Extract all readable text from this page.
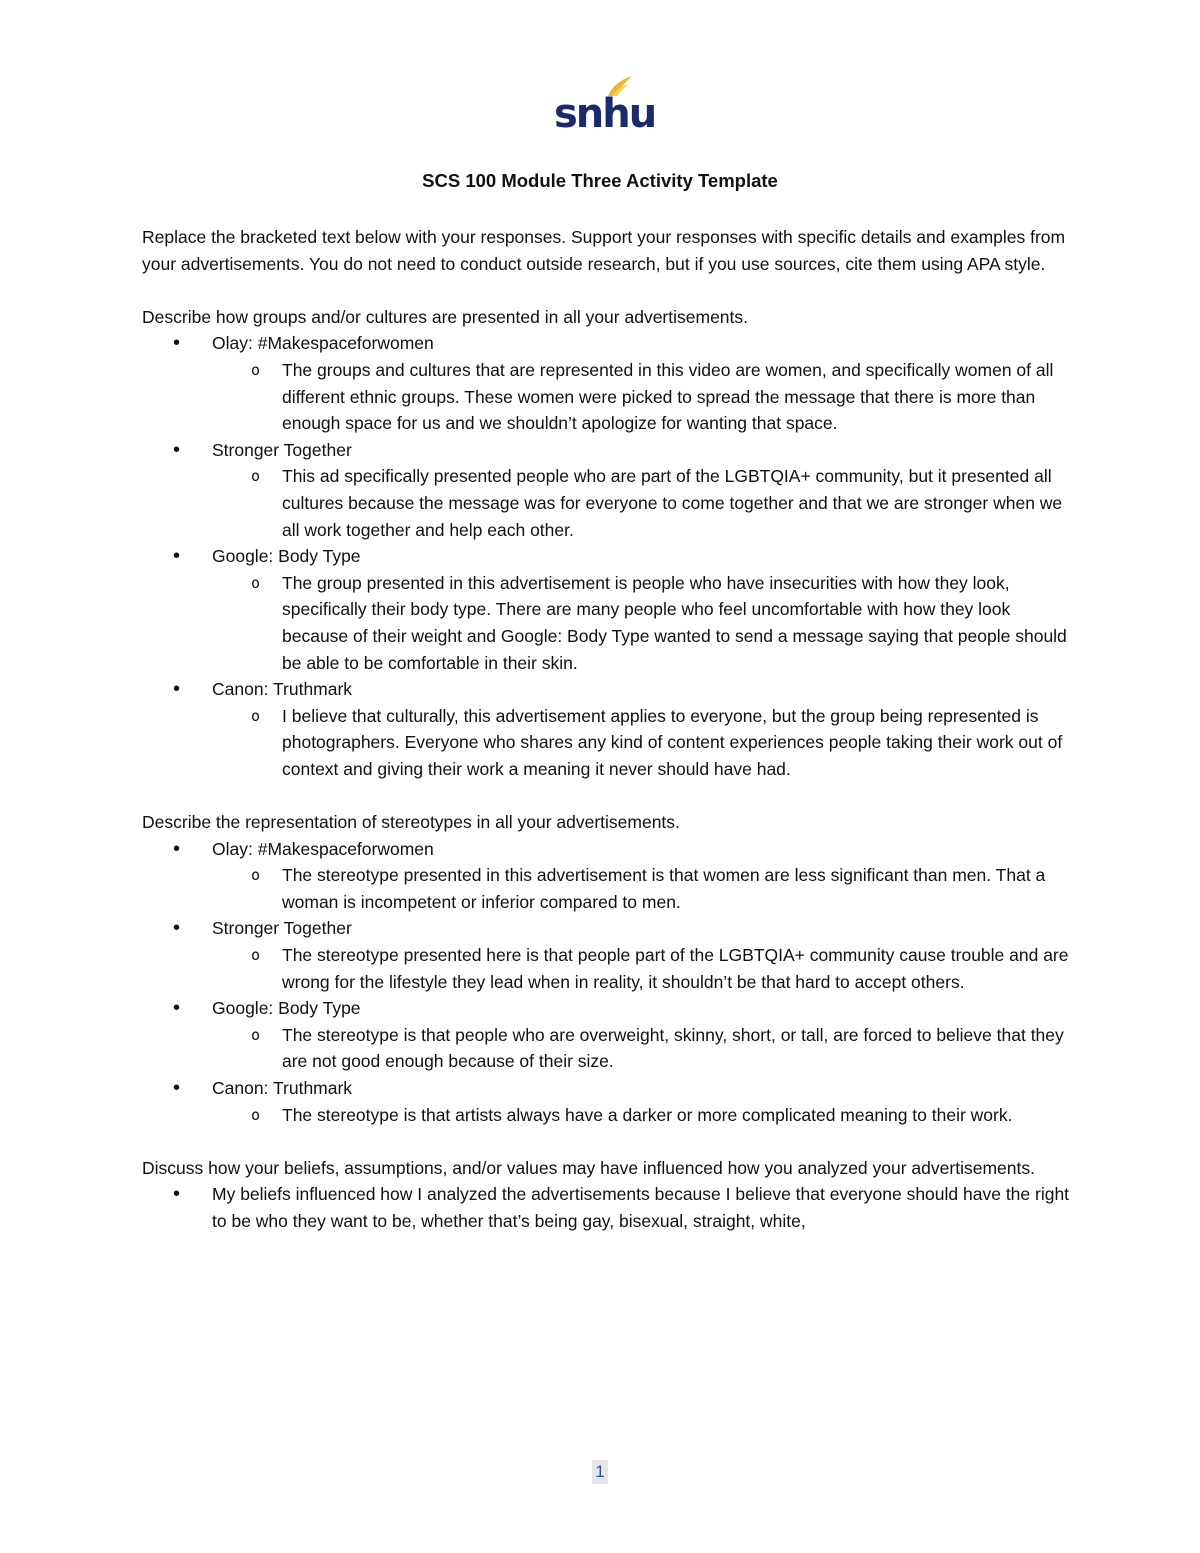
snhu
SCS 100 Module Three Activity Template

Replace the bracketed text below with your responses. Support your responses with specific details and examples from your advertisements. You do not need to conduct outside research, but if you use sources, cite them using APA style.

Describe how groups and/or cultures are presented in all your advertisements.

• Olay: #Makespaceforwomen
o The groups and cultures that are represented in this video are women, and specifically women of all different ethnic groups. These women were picked to spread the message that there is more than enough space for us and we shouldn’t apologize for wanting that space.
• Stronger Together
o This ad specifically presented people who are part of the LGBTQIA+ community, but it presented all cultures because the message was for everyone to come together and that we are stronger when we all work together and help each other.
• Google: Body Type
o The group presented in this advertisement is people who have insecurities with how they look, specifically their body type. There are many people who feel uncomfortable with how they look because of their weight and Google: Body Type wanted to send a message saying that people should be able to be comfortable in their skin.
• Canon: Truthmark
o I believe that culturally, this advertisement applies to everyone, but the group being represented is photographers. Everyone who shares any kind of content experiences people taking their work out of context and giving their work a meaning it never should have had.

Describe the representation of stereotypes in all your advertisements.

• Olay: #Makespaceforwomen
o The stereotype presented in this advertisement is that women are less significant than men. That a woman is incompetent or inferior compared to men.
• Stronger Together
o The stereotype presented here is that people part of the LGBTQIA+ community cause trouble and are wrong for the lifestyle they lead when in reality, it shouldn’t be that hard to accept others.
• Google: Body Type
o The stereotype is that people who are overweight, skinny, short, or tall, are forced to believe that they are not good enough because of their size.
• Canon: Truthmark
o The stereotype is that artists always have a darker or more complicated meaning to their work.

Discuss how your beliefs, assumptions, and/or values may have influenced how you analyzed your advertisements.

• My beliefs influenced how I analyzed the advertisements because I believe that everyone should have the right to be who they want to be, whether that’s being gay, bisexual, straight, white,
1
